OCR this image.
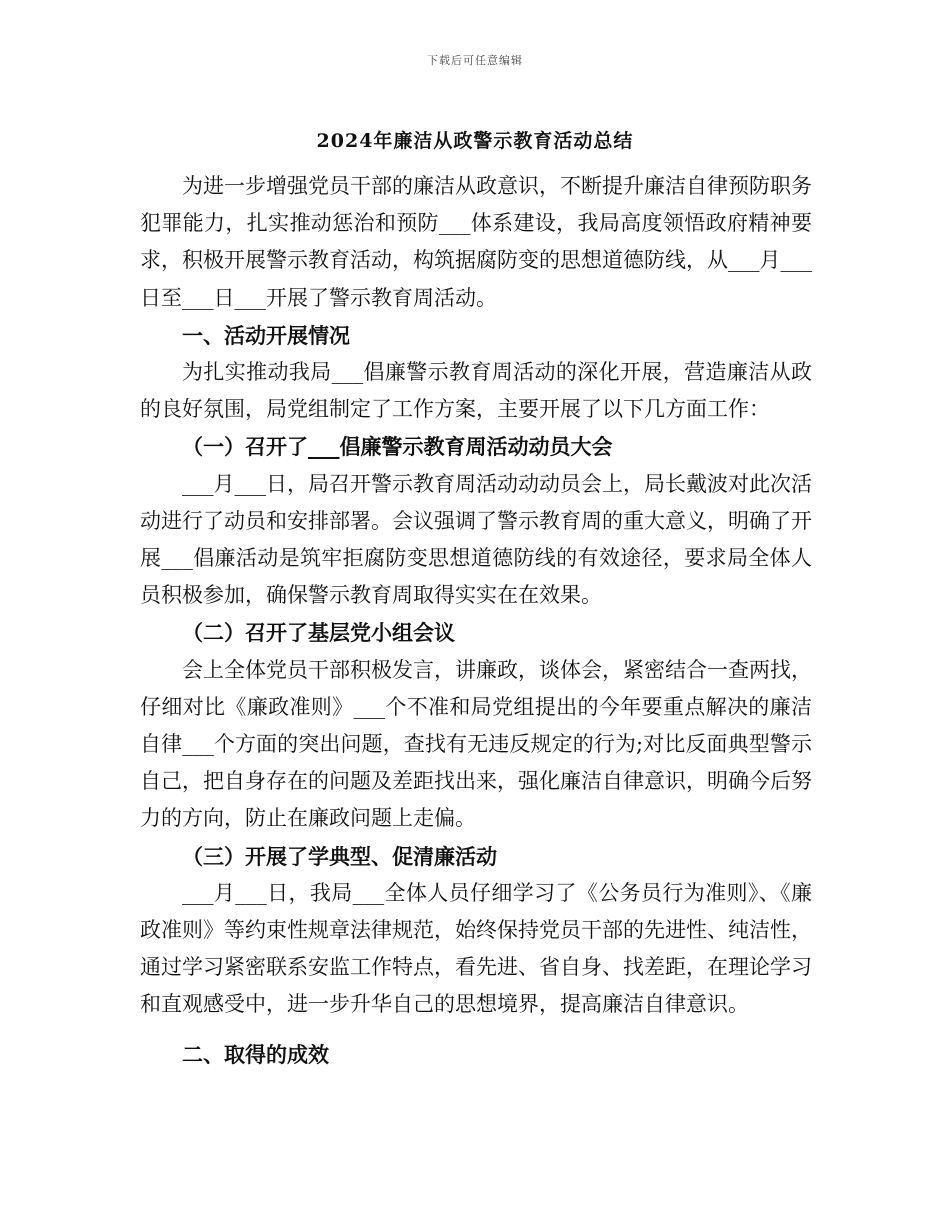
下载后可任意编辑
2024年廉洁从政警示教育活动总结

为进一步增强党员干部的廉洁从政意识，不断提升廉洁自律预防职务犯罪能力，扎实推动惩治和预防___体系建设，我局高度领悟政府精神要求，积极开展警示教育活动，构筑据腐防变的思想道德防线，从___月___日至___日___开展了警示教育周活动。

一、活动开展情况

为扎实推动我局___倡廉警示教育周活动的深化开展，营造廉洁从政的良好氛围，局党组制定了工作方案，主要开展了以下几方面工作：

（一）召开了___倡廉警示教育周活动动员大会

___月___日，局召开警示教育周活动动动员会上，局长戴波对此次活动进行了动员和安排部署。会议强调了警示教育周的重大意义，明确了开展___倡廉活动是筑牢拒腐防变思想道德防线的有效途径，要求局全体人员积极参加，确保警示教育周取得实实在在效果。

（二）召开了基层党小组会议

会上全体党员干部积极发言，讲廉政，谈体会，紧密结合一查两找，仔细对比《廉政准则》___个不准和局党组提出的今年要重点解决的廉洁自律___个方面的突出问题，查找有无违反规定的行为;对比反面典型警示自己，把自身存在的问题及差距找出来，强化廉洁自律意识，明确今后努力的方向，防止在廉政问题上走偏。

（三）开展了学典型、促清廉活动

___月___日，我局___全体人员仔细学习了《公务员行为准则》、《廉政准则》等约束性规章法律规范，始终保持党员干部的先进性、纯洁性，通过学习紧密联系安监工作特点，看先进、省自身、找差距，在理论学习和直观感受中，进一步升华自己的思想境界，提高廉洁自律意识。

二、取得的成效
